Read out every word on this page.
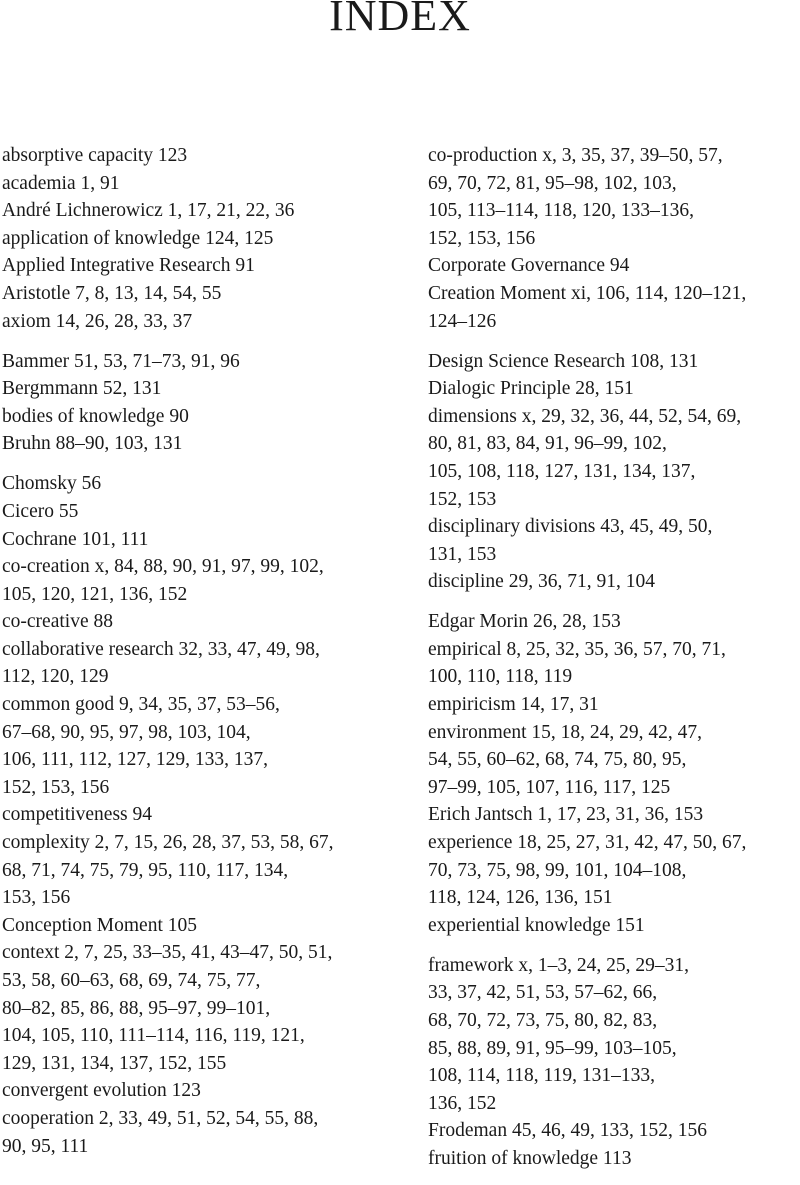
INDEX
absorptive capacity 123
academia 1, 91
André Lichnerowicz 1, 17, 21, 22, 36
application of knowledge 124, 125
Applied Integrative Research 91
Aristotle 7, 8, 13, 14, 54, 55
axiom 14, 26, 28, 33, 37
Bammer 51, 53, 71–73, 91, 96
Bergmmann 52, 131
bodies of knowledge 90
Bruhn 88–90, 103, 131
Chomsky 56
Cicero 55
Cochrane 101, 111
co-creation x, 84, 88, 90, 91, 97, 99, 102,
105, 120, 121, 136, 152
co-creative 88
collaborative research 32, 33, 47, 49, 98,
112, 120, 129
common good 9, 34, 35, 37, 53–56,
67–68, 90, 95, 97, 98, 103, 104,
106, 111, 112, 127, 129, 133, 137,
152, 153, 156
competitiveness 94
complexity 2, 7, 15, 26, 28, 37, 53, 58, 67,
68, 71, 74, 75, 79, 95, 110, 117, 134,
153, 156
Conception Moment 105
context 2, 7, 25, 33–35, 41, 43–47, 50, 51,
53, 58, 60–63, 68, 69, 74, 75, 77,
80–82, 85, 86, 88, 95–97, 99–101,
104, 105, 110, 111–114, 116, 119, 121,
129, 131, 134, 137, 152, 155
convergent evolution 123
cooperation 2, 33, 49, 51, 52, 54, 55, 88,
90, 95, 111
co-production x, 3, 35, 37, 39–50, 57,
69, 70, 72, 81, 95–98, 102, 103,
105, 113–114, 118, 120, 133–136,
152, 153, 156
Corporate Governance 94
Creation Moment xi, 106, 114, 120–121,
124–126
Design Science Research 108, 131
Dialogic Principle 28, 151
dimensions x, 29, 32, 36, 44, 52, 54, 69,
80, 81, 83, 84, 91, 96–99, 102,
105, 108, 118, 127, 131, 134, 137,
152, 153
disciplinary divisions 43, 45, 49, 50,
131, 153
discipline 29, 36, 71, 91, 104
Edgar Morin 26, 28, 153
empirical 8, 25, 32, 35, 36, 57, 70, 71,
100, 110, 118, 119
empiricism 14, 17, 31
environment 15, 18, 24, 29, 42, 47,
54, 55, 60–62, 68, 74, 75, 80, 95,
97–99, 105, 107, 116, 117, 125
Erich Jantsch 1, 17, 23, 31, 36, 153
experience 18, 25, 27, 31, 42, 47, 50, 67,
70, 73, 75, 98, 99, 101, 104–108,
118, 124, 126, 136, 151
experiential knowledge 151
framework x, 1–3, 24, 25, 29–31,
33, 37, 42, 51, 53, 57–62, 66,
68, 70, 72, 73, 75, 80, 82, 83,
85, 88, 89, 91, 95–99, 103–105,
108, 114, 118, 119, 131–133,
136, 152
Frodeman 45, 46, 49, 133, 152, 156
fruition of knowledge 113
